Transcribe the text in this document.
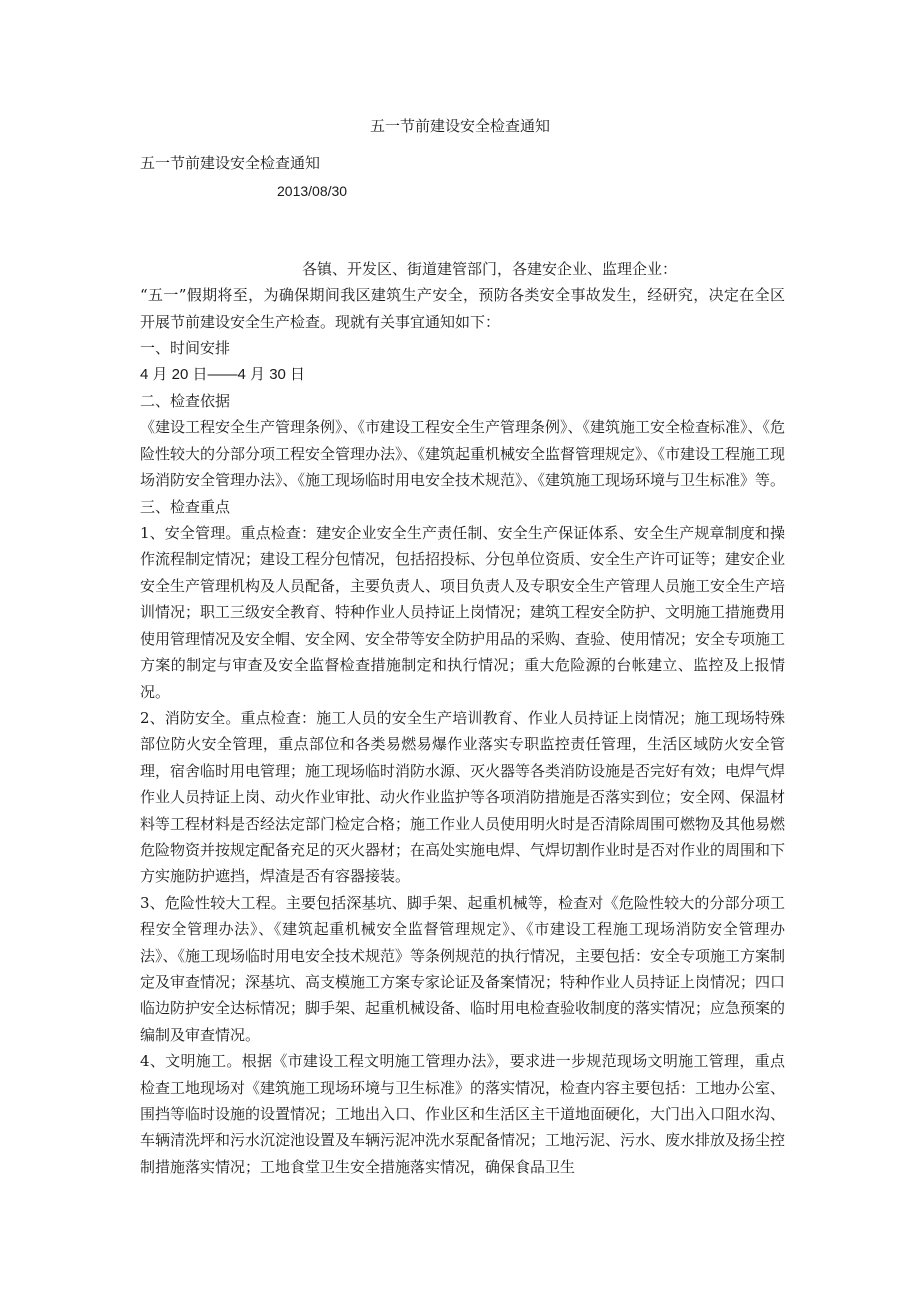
五一节前建设安全检查通知
五一节前建设安全检查通知
2013/08/30

各镇、开发区、街道建管部门，各建安企业、监理企业：

“五一”假期将至，为确保期间我区建筑生产安全，预防各类安全事故发生，经研究，决定在全区开展节前建设安全生产检查。现就有关事宜通知如下：

一、时间安排

4 月 20 日——4 月 30 日

二、检查依据

《建设工程安全生产管理条例》、《市建设工程安全生产管理条例》、《建筑施工安全检查标准》、《危险性较大的分部分项工程安全管理办法》、《建筑起重机械安全监督管理规定》、《市建设工程施工现场消防安全管理办法》、《施工现场临时用电安全技术规范》、《建筑施工现场环境与卫生标准》等。

三、检查重点

1、安全管理。重点检查：建安企业安全生产责任制、安全生产保证体系、安全生产规章制度和操作流程制定情况；建设工程分包情况，包括招投标、分包单位资质、安全生产许可证等；建安企业安全生产管理机构及人员配备，主要负责人、项目负责人及专职安全生产管理人员施工安全生产培训情况；职工三级安全教育、特种作业人员持证上岗情况；建筑工程安全防护、文明施工措施费用使用管理情况及安全帽、安全网、安全带等安全防护用品的采购、查验、使用情况；安全专项施工方案的制定与审查及安全监督检查措施制定和执行情况；重大危险源的台帐建立、监控及上报情况。

2、消防安全。重点检查：施工人员的安全生产培训教育、作业人员持证上岗情况；施工现场特殊部位防火安全管理，重点部位和各类易燃易爆作业落实专职监控责任管理，生活区域防火安全管理，宿舍临时用电管理；施工现场临时消防水源、灭火器等各类消防设施是否完好有效；电焊气焊作业人员持证上岗、动火作业审批、动火作业监护等各项消防措施是否落实到位；安全网、保温材料等工程材料是否经法定部门检定合格；施工作业人员使用明火时是否清除周围可燃物及其他易燃危险物资并按规定配备充足的灭火器材；在高处实施电焊、气焊切割作业时是否对作业的周围和下方实施防护遮挡，焊渣是否有容器接装。

3、危险性较大工程。主要包括深基坑、脚手架、起重机械等，检查对《危险性较大的分部分项工程安全管理办法》、《建筑起重机械安全监督管理规定》、《市建设工程施工现场消防安全管理办法》、《施工现场临时用电安全技术规范》等条例规范的执行情况，主要包括：安全专项施工方案制定及审查情况；深基坑、高支模施工方案专家论证及备案情况；特种作业人员持证上岗情况；四口临边防护安全达标情况；脚手架、起重机械设备、临时用电检查验收制度的落实情况；应急预案的编制及审查情况。

4、文明施工。根据《市建设工程文明施工管理办法》，要求进一步规范现场文明施工管理，重点检查工地现场对《建筑施工现场环境与卫生标准》的落实情况，检查内容主要包括：工地办公室、围挡等临时设施的设置情况；工地出入口、作业区和生活区主干道地面硬化，大门出入口阻水沟、车辆清洗坪和污水沉淀池设置及车辆污泥冲洗水泵配备情况；工地污泥、污水、废水排放及扬尘控制措施落实情况；工地食堂卫生安全措施落实情况，确保食品卫生
